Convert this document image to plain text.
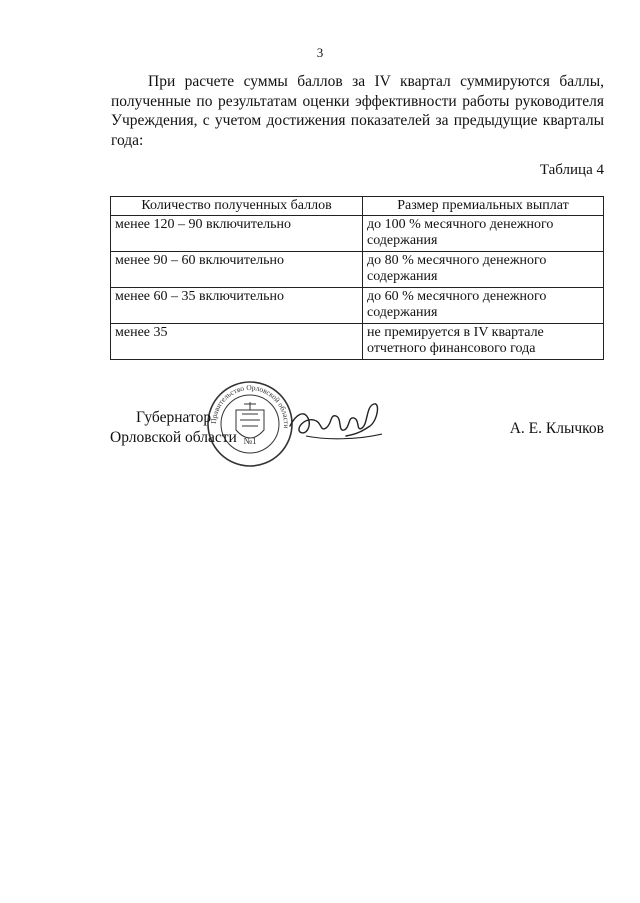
3
При расчете суммы баллов за IV квартал суммируются баллы,
полученные по результатам оценки эффективности работы руководителя
Учреждения, с учетом достижения показателей за предыдущие кварталы
года:
Таблица 4
Количество полученных баллов	Размер премиальных выплат
менее 120 – 90 включительно	до 100 % месячного денежного содержания
менее 90 – 60 включительно	до 80 % месячного денежного содержания
менее 60 – 35 включительно	до 60 % месячного денежного содержания
менее 35	не премируется в IV квартале отчетного финансового года
Правительство Орловской области
№1
Губернатор
Орловской области
А. Е. Клычков
